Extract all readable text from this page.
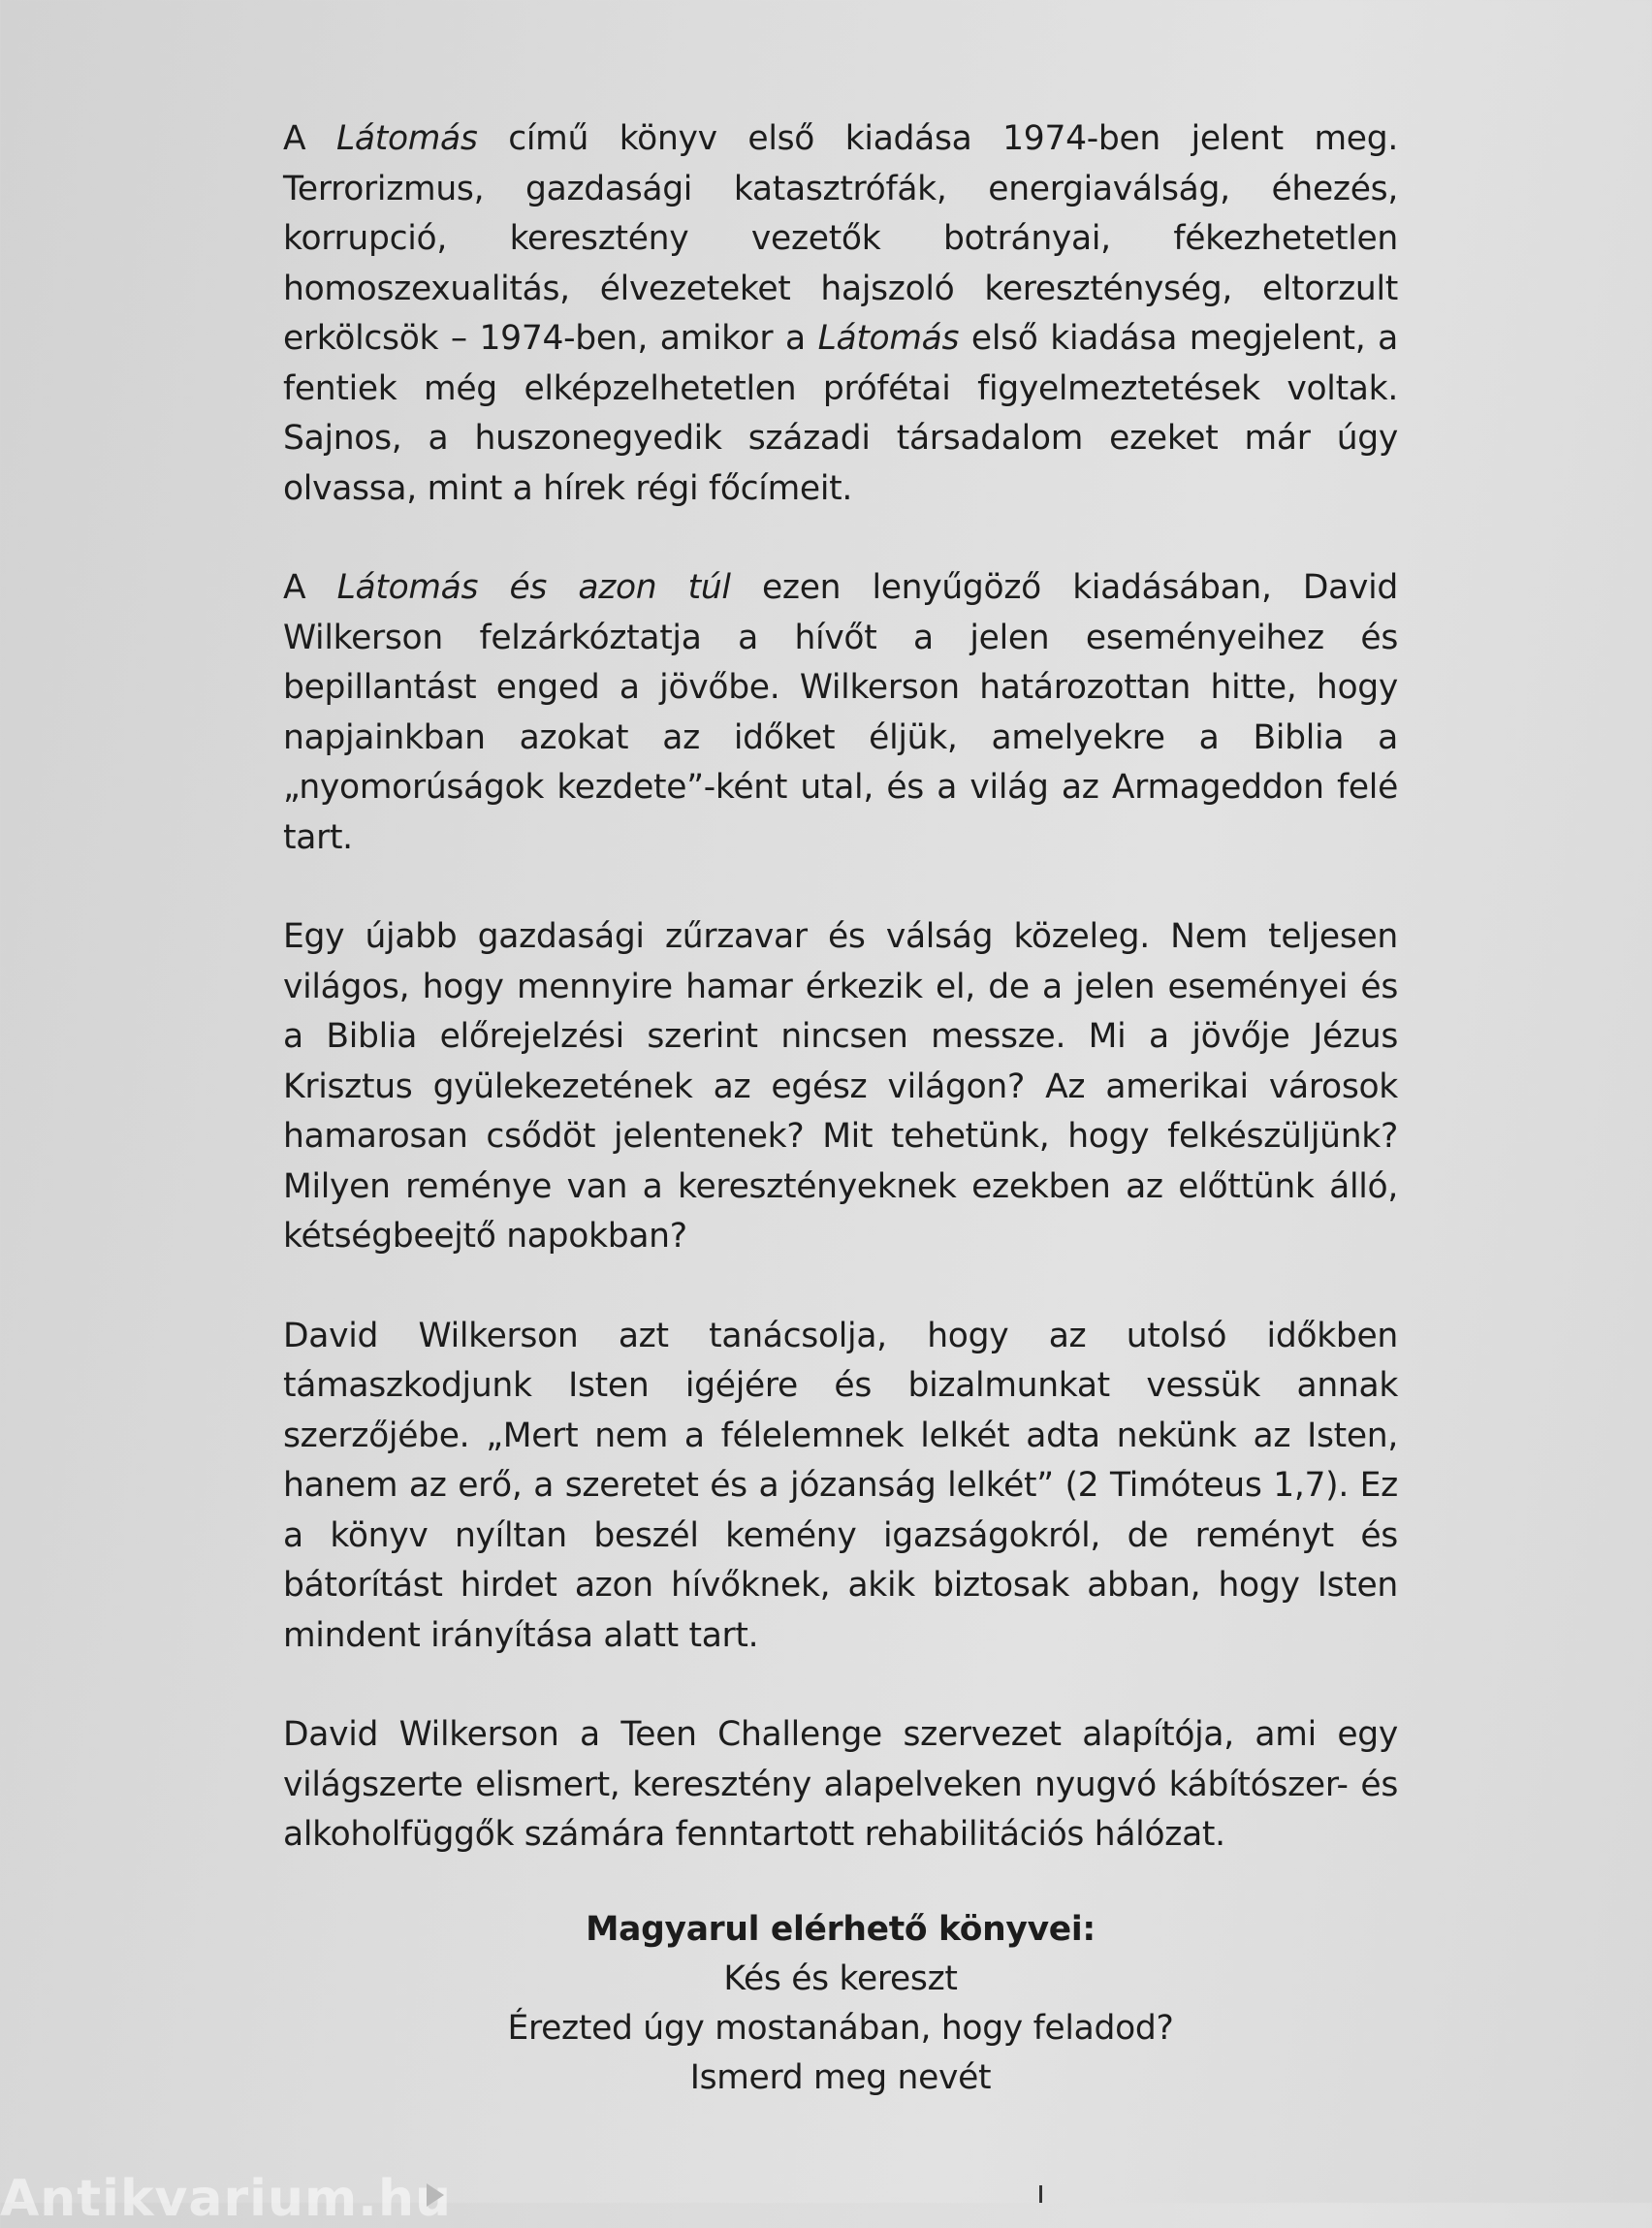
A Látomás című könyv első kiadása 1974-ben jelent meg. Terrorizmus, gazdasági katasztrófák, energiaválság, éhezés, korrupció, keresztény vezetők botrányai, fékezhetetlen homoszexualitás, élvezeteket hajszoló kereszténység, eltorzult erkölcsök – 1974-ben, amikor a Látomás első kiadása megjelent, a fentiek még elképzelhetetlen prófétai figyelmeztetések voltak. Sajnos, a huszonegyedik századi társadalom ezeket már úgy olvassa, mint a hírek régi főcímeit.

A Látomás és azon túl ezen lenyűgöző kiadásában, David Wilkerson felzárkóztatja a hívőt a jelen eseményeihez és bepillantást enged a jövőbe. Wilkerson határozottan hitte, hogy napjainkban azokat az időket éljük, amelyekre a Biblia a „nyomorúságok kezdete”-ként utal, és a világ az Armageddon felé tart.

Egy újabb gazdasági zűrzavar és válság közeleg. Nem teljesen világos, hogy mennyire hamar érkezik el, de a jelen eseményei és a Biblia előrejelzési szerint nincsen messze. Mi a jövője Jézus Krisztus gyülekezetének az egész világon? Az amerikai városok hamarosan csődöt jelentenek? Mit tehetünk, hogy felkészüljünk? Milyen reménye van a keresztényeknek ezekben az előttünk álló, kétségbeejtő napokban?

David Wilkerson azt tanácsolja, hogy az utolsó időkben támaszkodjunk Isten igéjére és bizalmunkat vessük annak szerzőjébe. „Mert nem a félelemnek lelkét adta nekünk az Isten, hanem az erő, a szeretet és a józanság lelkét” (2 Timóteus 1,7). Ez a könyv nyíltan beszél kemény igazságokról, de reményt és bátorítást hirdet azon hívőknek, akik biztosak abban, hogy Isten mindent irányítása alatt tart.

David Wilkerson a Teen Challenge szervezet alapítója, ami egy világszerte elismert, keresztény alapelveken nyugvó kábítószer- és alkoholfüggők számára fenntartott rehabilitációs hálózat.

Magyarul elérhető könyvei:
Kés és kereszt
Érezted úgy mostanában, hogy feladod?
Ismerd meg nevét
Antikvarium.hu
